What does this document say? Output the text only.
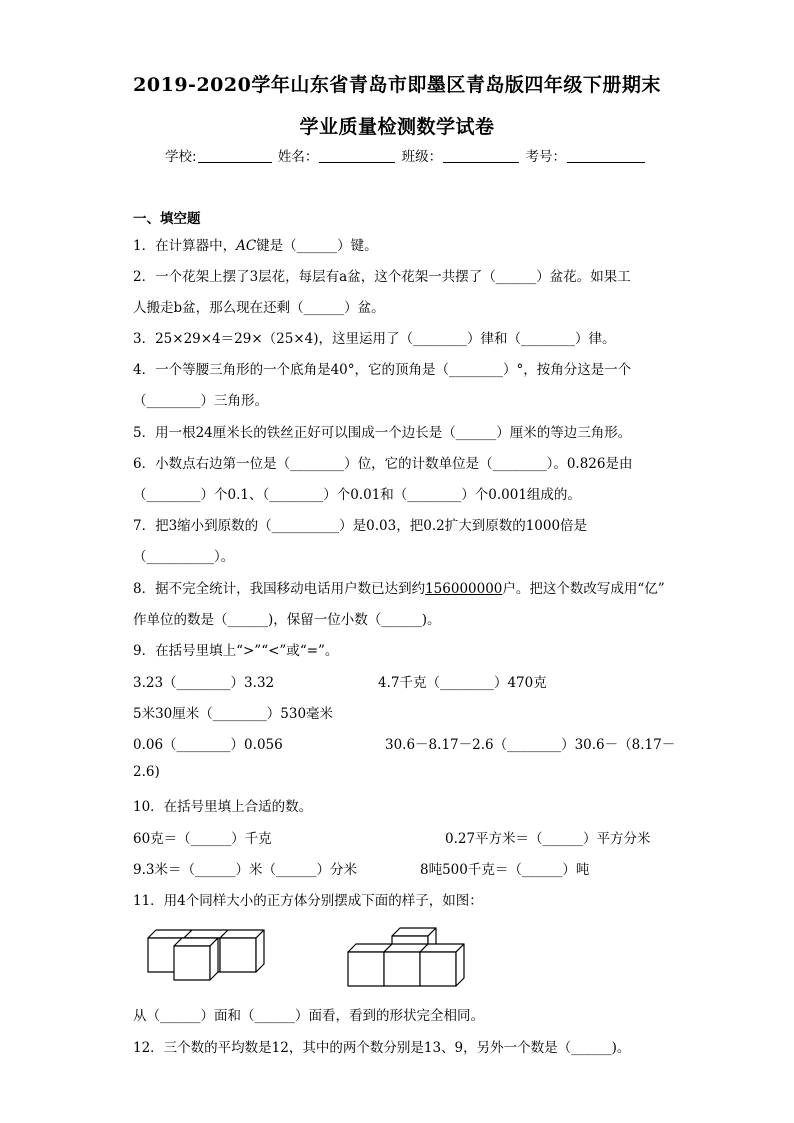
2019-2020学年山东省青岛市即墨区青岛版四年级下册期末
学业质量检测数学试卷
学校:	姓名：	班级：	考号：
一、填空题
1．在计算器中，AC键是（______）键。
2．一个花架上摆了3层花，每层有a盆，这个花架一共摆了（______）盆花。如果工
人搬走b盆，那么现在还剩（______）盆。
3．25×29×4＝29×（25×4)，这里运用了（________）律和（________）律。
4．一个等腰三角形的一个底角是40°，它的顶角是（________）°，按角分这是一个
（________）三角形。
5．用一根24厘米长的铁丝正好可以围成一个边长是（______）厘米的等边三角形。
6．小数点右边第一位是（________）位，它的计数单位是（________）。0.826是由
（________）个0.1、（________）个0.01和（________）个0.001组成的。
7．把3缩小到原数的（__________）是0.03，把0.2扩大到原数的1000倍是
（__________）。
8．据不完全统计，我国移动电话用户数已达到约156000000户。把这个数改写成用“亿”
作单位的数是（______)，保留一位小数（______)。
9．在括号里填上“>”“<”或“=”。
3.23（________）3.32	4.7千克（________）470克
5米30厘米（________）530毫米
0.06（________）0.056	30.6－8.17－2.6（________）30.6－（8.17－
2.6)
10．在括号里填上合适的数。
60克＝（______）千克	0.27平方米＝（______）平方分米
9.3米＝（______）米（______）分米	8吨500千克＝（______）吨
11．用4个同样大小的正方体分别摆成下面的样子，如图：
从（______）面和（______）面看，看到的形状完全相同。
12．三个数的平均数是12，其中的两个数分别是13、9，另外一个数是（______)。
